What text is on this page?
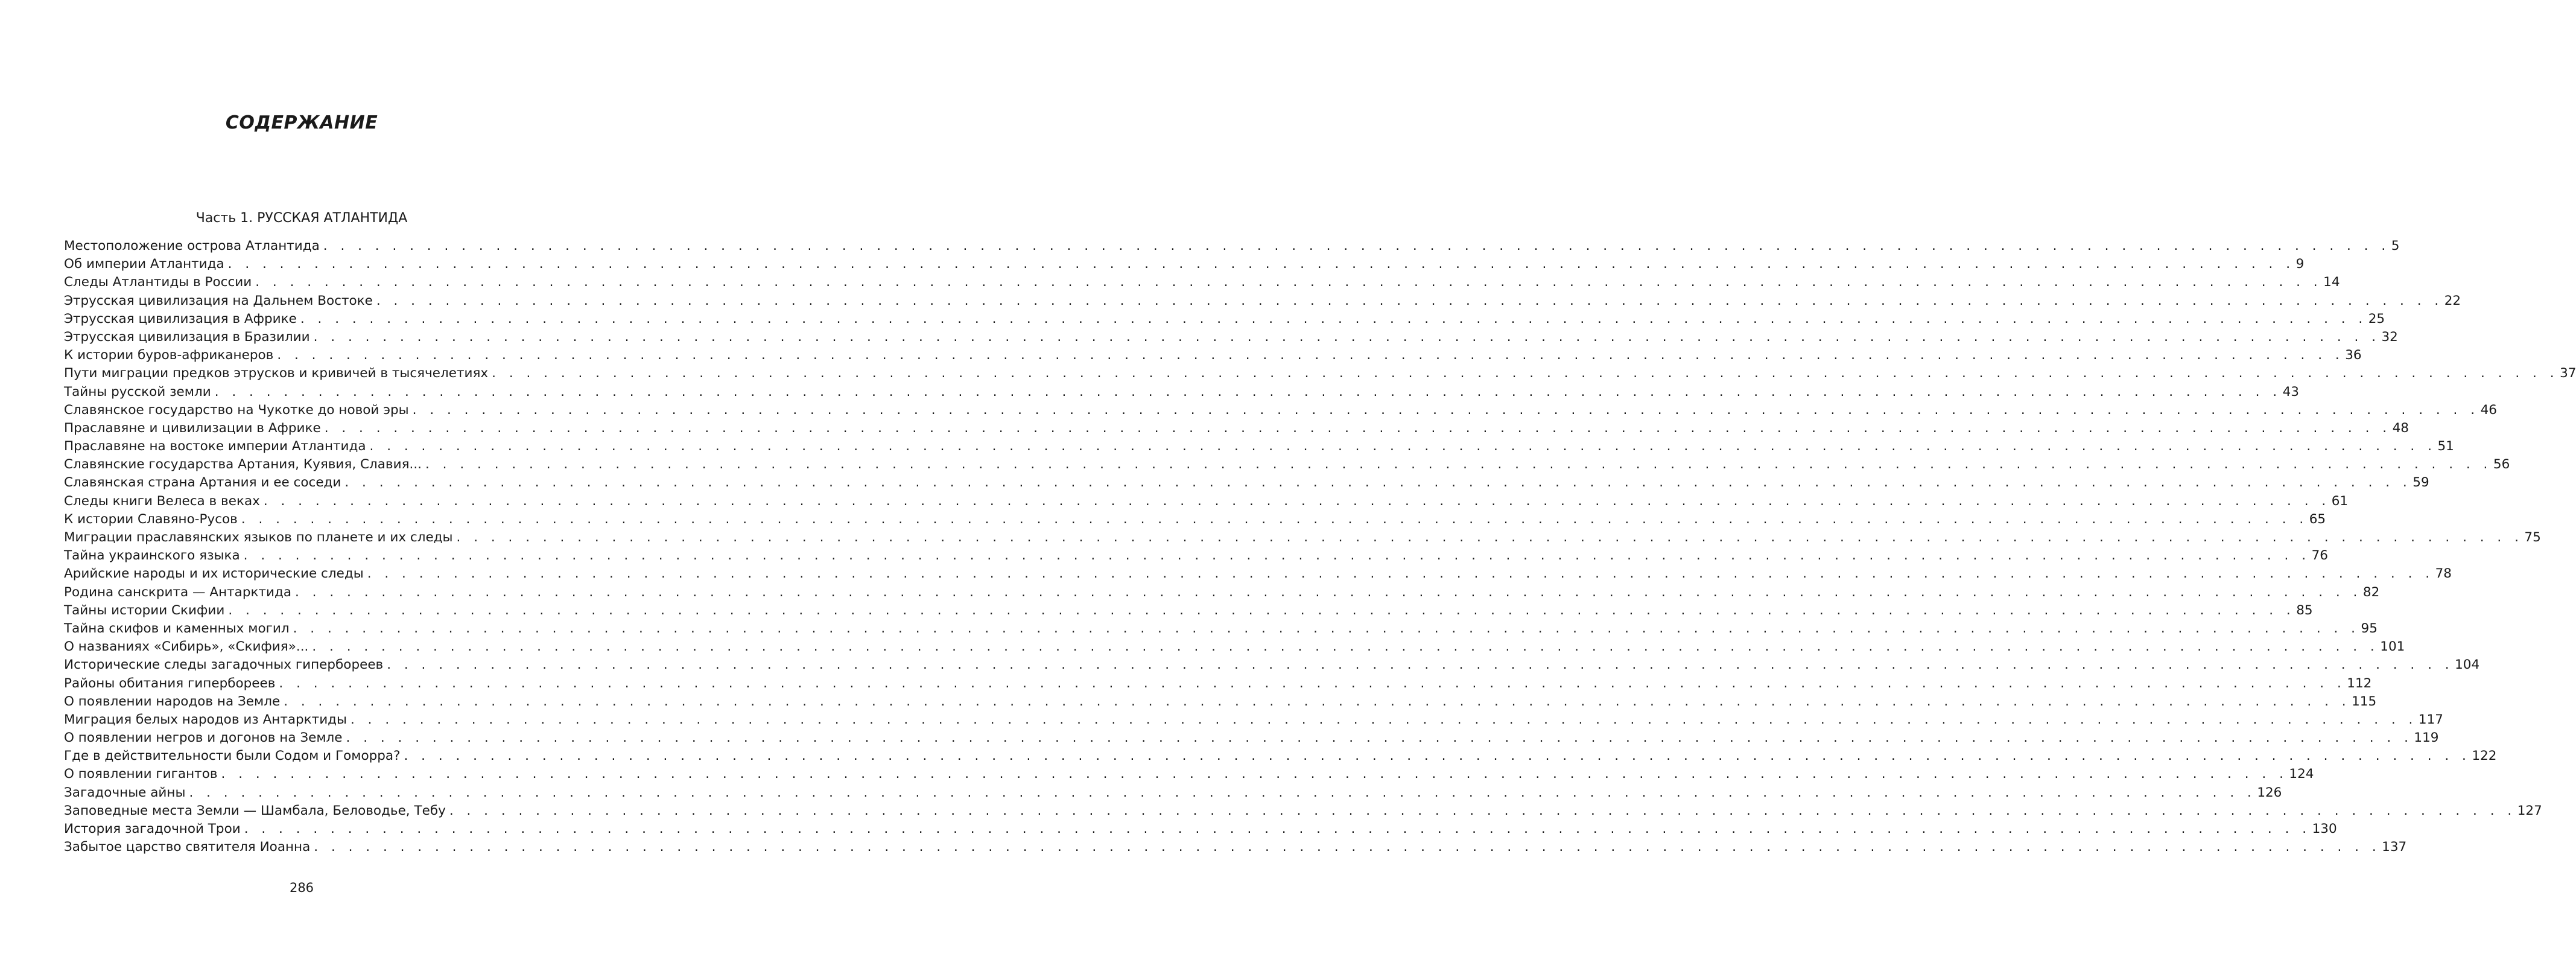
СОДЕРЖАНИЕ
Часть 1. РУССКАЯ АТЛАНТИДА
Местоположение острова Атлантида . . . . . . . . . . . . . . . . . . . . . . . . . . . . . . . . . . . . . . . . . . . . . . . . . . . . . . . . . . . . . . . . . . . . . . . . . . . . . . . . . . . . . . . . . . . . . . . . . . . . . . . . . . . . . . . . . . . . . . . . 5
Об империи Атлантида . . . . . . . . . . . . . . . . . . . . . . . . . . . . . . . . . . . . . . . . . . . . . . . . . . . . . . . . . . . . . . . . . . . . . . . . . . . . . . . . . . . . . . . . . . . . . . . . . . . . . . . . . . . . . . . . . . . . . . . . 9
Следы Атлантиды в России . . . . . . . . . . . . . . . . . . . . . . . . . . . . . . . . . . . . . . . . . . . . . . . . . . . . . . . . . . . . . . . . . . . . . . . . . . . . . . . . . . . . . . . . . . . . . . . . . . . . . . . . . . . . . . . . . . . . . . . . 14
Этрусская цивилизация на Дальнем Востоке . . . . . . . . . . . . . . . . . . . . . . . . . . . . . . . . . . . . . . . . . . . . . . . . . . . . . . . . . . . . . . . . . . . . . . . . . . . . . . . . . . . . . . . . . . . . . . . . . . . . . . . . . . . . . . . . . . . . . . . . 22
Этрусская цивилизация в Африке . . . . . . . . . . . . . . . . . . . . . . . . . . . . . . . . . . . . . . . . . . . . . . . . . . . . . . . . . . . . . . . . . . . . . . . . . . . . . . . . . . . . . . . . . . . . . . . . . . . . . . . . . . . . . . . . . . . . . . . . 25
Этрусская цивилизация в Бразилии . . . . . . . . . . . . . . . . . . . . . . . . . . . . . . . . . . . . . . . . . . . . . . . . . . . . . . . . . . . . . . . . . . . . . . . . . . . . . . . . . . . . . . . . . . . . . . . . . . . . . . . . . . . . . . . . . . . . . . . . 32
К истории буров-африканеров . . . . . . . . . . . . . . . . . . . . . . . . . . . . . . . . . . . . . . . . . . . . . . . . . . . . . . . . . . . . . . . . . . . . . . . . . . . . . . . . . . . . . . . . . . . . . . . . . . . . . . . . . . . . . . . . . . . . . . . . 36
Пути миграции предков этрусков и кривичей в тысячелетиях . . . . . . . . . . . . . . . . . . . . . . . . . . . . . . . . . . . . . . . . . . . . . . . . . . . . . . . . . . . . . . . . . . . . . . . . . . . . . . . . . . . . . . . . . . . . . . . . . . . . . . . . . . . . . . . . . . . . . . . . 37
Тайны русской земли . . . . . . . . . . . . . . . . . . . . . . . . . . . . . . . . . . . . . . . . . . . . . . . . . . . . . . . . . . . . . . . . . . . . . . . . . . . . . . . . . . . . . . . . . . . . . . . . . . . . . . . . . . . . . . . . . . . . . . . . 43
Славянское государство на Чукотке до новой эры . . . . . . . . . . . . . . . . . . . . . . . . . . . . . . . . . . . . . . . . . . . . . . . . . . . . . . . . . . . . . . . . . . . . . . . . . . . . . . . . . . . . . . . . . . . . . . . . . . . . . . . . . . . . . . . . . . . . . . . . 46
Праславяне и цивилизации в Африке . . . . . . . . . . . . . . . . . . . . . . . . . . . . . . . . . . . . . . . . . . . . . . . . . . . . . . . . . . . . . . . . . . . . . . . . . . . . . . . . . . . . . . . . . . . . . . . . . . . . . . . . . . . . . . . . . . . . . . . . 48
Праславяне на востоке империи Атлантида . . . . . . . . . . . . . . . . . . . . . . . . . . . . . . . . . . . . . . . . . . . . . . . . . . . . . . . . . . . . . . . . . . . . . . . . . . . . . . . . . . . . . . . . . . . . . . . . . . . . . . . . . . . . . . . . . . . . . . . . 51
Славянские государства Артания, Куявия, Славия... . . . . . . . . . . . . . . . . . . . . . . . . . . . . . . . . . . . . . . . . . . . . . . . . . . . . . . . . . . . . . . . . . . . . . . . . . . . . . . . . . . . . . . . . . . . . . . . . . . . . . . . . . . . . . . . . . . . . . . . . 56
Славянская страна Артания и ее соседи . . . . . . . . . . . . . . . . . . . . . . . . . . . . . . . . . . . . . . . . . . . . . . . . . . . . . . . . . . . . . . . . . . . . . . . . . . . . . . . . . . . . . . . . . . . . . . . . . . . . . . . . . . . . . . . . . . . . . . . . 59
Следы книги Велеса в веках . . . . . . . . . . . . . . . . . . . . . . . . . . . . . . . . . . . . . . . . . . . . . . . . . . . . . . . . . . . . . . . . . . . . . . . . . . . . . . . . . . . . . . . . . . . . . . . . . . . . . . . . . . . . . . . . . . . . . . . . 61
К истории Славяно-Русов . . . . . . . . . . . . . . . . . . . . . . . . . . . . . . . . . . . . . . . . . . . . . . . . . . . . . . . . . . . . . . . . . . . . . . . . . . . . . . . . . . . . . . . . . . . . . . . . . . . . . . . . . . . . . . . . . . . . . . . . 65
Миграции праславянских языков по планете и их следы . . . . . . . . . . . . . . . . . . . . . . . . . . . . . . . . . . . . . . . . . . . . . . . . . . . . . . . . . . . . . . . . . . . . . . . . . . . . . . . . . . . . . . . . . . . . . . . . . . . . . . . . . . . . . . . . . . . . . . . . 75
Тайна украинского языка . . . . . . . . . . . . . . . . . . . . . . . . . . . . . . . . . . . . . . . . . . . . . . . . . . . . . . . . . . . . . . . . . . . . . . . . . . . . . . . . . . . . . . . . . . . . . . . . . . . . . . . . . . . . . . . . . . . . . . . . 76
Арийские народы и их исторические следы . . . . . . . . . . . . . . . . . . . . . . . . . . . . . . . . . . . . . . . . . . . . . . . . . . . . . . . . . . . . . . . . . . . . . . . . . . . . . . . . . . . . . . . . . . . . . . . . . . . . . . . . . . . . . . . . . . . . . . . . 78
Родина санскрита — Антарктида . . . . . . . . . . . . . . . . . . . . . . . . . . . . . . . . . . . . . . . . . . . . . . . . . . . . . . . . . . . . . . . . . . . . . . . . . . . . . . . . . . . . . . . . . . . . . . . . . . . . . . . . . . . . . . . . . . . . . . . . 82
Тайны истории Скифии . . . . . . . . . . . . . . . . . . . . . . . . . . . . . . . . . . . . . . . . . . . . . . . . . . . . . . . . . . . . . . . . . . . . . . . . . . . . . . . . . . . . . . . . . . . . . . . . . . . . . . . . . . . . . . . . . . . . . . . . 85
Тайна скифов и каменных могил . . . . . . . . . . . . . . . . . . . . . . . . . . . . . . . . . . . . . . . . . . . . . . . . . . . . . . . . . . . . . . . . . . . . . . . . . . . . . . . . . . . . . . . . . . . . . . . . . . . . . . . . . . . . . . . . . . . . . . . . 95
О названиях «Сибирь», «Скифия»... . . . . . . . . . . . . . . . . . . . . . . . . . . . . . . . . . . . . . . . . . . . . . . . . . . . . . . . . . . . . . . . . . . . . . . . . . . . . . . . . . . . . . . . . . . . . . . . . . . . . . . . . . . . . . . . . . . . . . . . . 101
Исторические следы загадочных гипербореев . . . . . . . . . . . . . . . . . . . . . . . . . . . . . . . . . . . . . . . . . . . . . . . . . . . . . . . . . . . . . . . . . . . . . . . . . . . . . . . . . . . . . . . . . . . . . . . . . . . . . . . . . . . . . . . . . . . . . . . . 104
Районы обитания гипербореев . . . . . . . . . . . . . . . . . . . . . . . . . . . . . . . . . . . . . . . . . . . . . . . . . . . . . . . . . . . . . . . . . . . . . . . . . . . . . . . . . . . . . . . . . . . . . . . . . . . . . . . . . . . . . . . . . . . . . . . . 112
О появлении народов на Земле . . . . . . . . . . . . . . . . . . . . . . . . . . . . . . . . . . . . . . . . . . . . . . . . . . . . . . . . . . . . . . . . . . . . . . . . . . . . . . . . . . . . . . . . . . . . . . . . . . . . . . . . . . . . . . . . . . . . . . . . 115
Миграция белых народов из Антарктиды . . . . . . . . . . . . . . . . . . . . . . . . . . . . . . . . . . . . . . . . . . . . . . . . . . . . . . . . . . . . . . . . . . . . . . . . . . . . . . . . . . . . . . . . . . . . . . . . . . . . . . . . . . . . . . . . . . . . . . . . 117
О появлении негров и догонов на Земле . . . . . . . . . . . . . . . . . . . . . . . . . . . . . . . . . . . . . . . . . . . . . . . . . . . . . . . . . . . . . . . . . . . . . . . . . . . . . . . . . . . . . . . . . . . . . . . . . . . . . . . . . . . . . . . . . . . . . . . . 119
Где в действительности были Содом и Гоморра? . . . . . . . . . . . . . . . . . . . . . . . . . . . . . . . . . . . . . . . . . . . . . . . . . . . . . . . . . . . . . . . . . . . . . . . . . . . . . . . . . . . . . . . . . . . . . . . . . . . . . . . . . . . . . . . . . . . . . . . . 122
О появлении гигантов . . . . . . . . . . . . . . . . . . . . . . . . . . . . . . . . . . . . . . . . . . . . . . . . . . . . . . . . . . . . . . . . . . . . . . . . . . . . . . . . . . . . . . . . . . . . . . . . . . . . . . . . . . . . . . . . . . . . . . . . 124
Загадочные айны . . . . . . . . . . . . . . . . . . . . . . . . . . . . . . . . . . . . . . . . . . . . . . . . . . . . . . . . . . . . . . . . . . . . . . . . . . . . . . . . . . . . . . . . . . . . . . . . . . . . . . . . . . . . . . . . . . . . . . . . 126
Заповедные места Земли — Шамбала, Беловодье, Тебу . . . . . . . . . . . . . . . . . . . . . . . . . . . . . . . . . . . . . . . . . . . . . . . . . . . . . . . . . . . . . . . . . . . . . . . . . . . . . . . . . . . . . . . . . . . . . . . . . . . . . . . . . . . . . . . . . . . . . . . . 127
История загадочной Трои . . . . . . . . . . . . . . . . . . . . . . . . . . . . . . . . . . . . . . . . . . . . . . . . . . . . . . . . . . . . . . . . . . . . . . . . . . . . . . . . . . . . . . . . . . . . . . . . . . . . . . . . . . . . . . . . . . . . . . . . 130
Забытое царство святителя Иоанна . . . . . . . . . . . . . . . . . . . . . . . . . . . . . . . . . . . . . . . . . . . . . . . . . . . . . . . . . . . . . . . . . . . . . . . . . . . . . . . . . . . . . . . . . . . . . . . . . . . . . . . . . . . . . . . . . . . . . . . . 137
286
